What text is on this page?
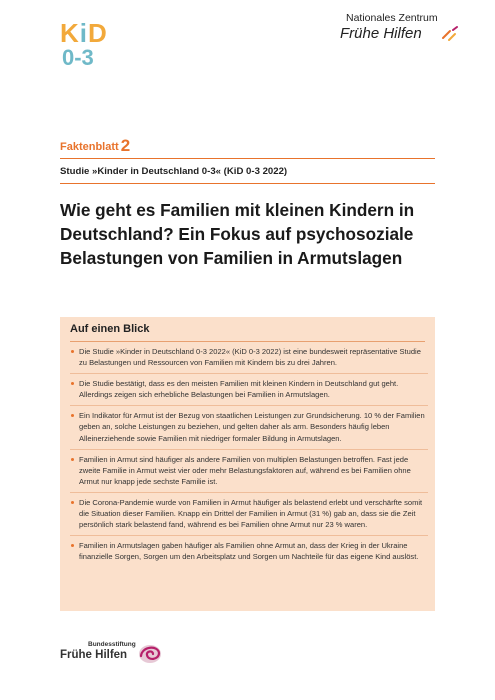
KiD
0-3
Nationales Zentrum
Frühe Hilfen
Faktenblatt 2
Studie »Kinder in Deutschland 0-3« (KiD 0-3 2022)
Wie geht es Familien mit kleinen Kindern in Deutschland? Ein Fokus auf psychosoziale Belastungen von Familien in Armutslagen
Auf einen Blick
Die Studie »Kinder in Deutschland 0-3 2022« (KiD 0-3 2022) ist eine bundesweit repräsentative Studie zu Belastungen und Ressourcen von Familien mit Kindern bis zu drei Jahren.
Die Studie bestätigt, dass es den meisten Familien mit kleinen Kindern in Deutschland gut geht. Allerdings zeigen sich erhebliche Belastungen bei Familien in Armutslagen.
Ein Indikator für Armut ist der Bezug von staatlichen Leistungen zur Grundsicherung. 10 % der Familien geben an, solche Leistungen zu beziehen, und gelten daher als arm. Besonders häufig leben Alleinerziehende sowie Familien mit niedriger formaler Bildung in Armutslagen.
Familien in Armut sind häufiger als andere Familien von multiplen Belastungen betroffen. Fast jede zweite Familie in Armut weist vier oder mehr Belastungsfaktoren auf, während es bei Familien ohne Armut nur knapp jede sechste Familie ist.
Die Corona-Pandemie wurde von Familien in Armut häufiger als belastend erlebt und verschärfte somit die Situation dieser Familien. Knapp ein Drittel der Familien in Armut (31 %) gab an, dass sie die Zeit persönlich stark belastend fand, während es bei Familien ohne Armut nur 23 % waren.
Familien in Armutslagen gaben häufiger als Familien ohne Armut an, dass der Krieg in der Ukraine finanzielle Sorgen, Sorgen um den Arbeitsplatz und Sorgen um Nachteile für das eigene Kind auslöst.
Bundesstiftung
Frühe Hilfen
